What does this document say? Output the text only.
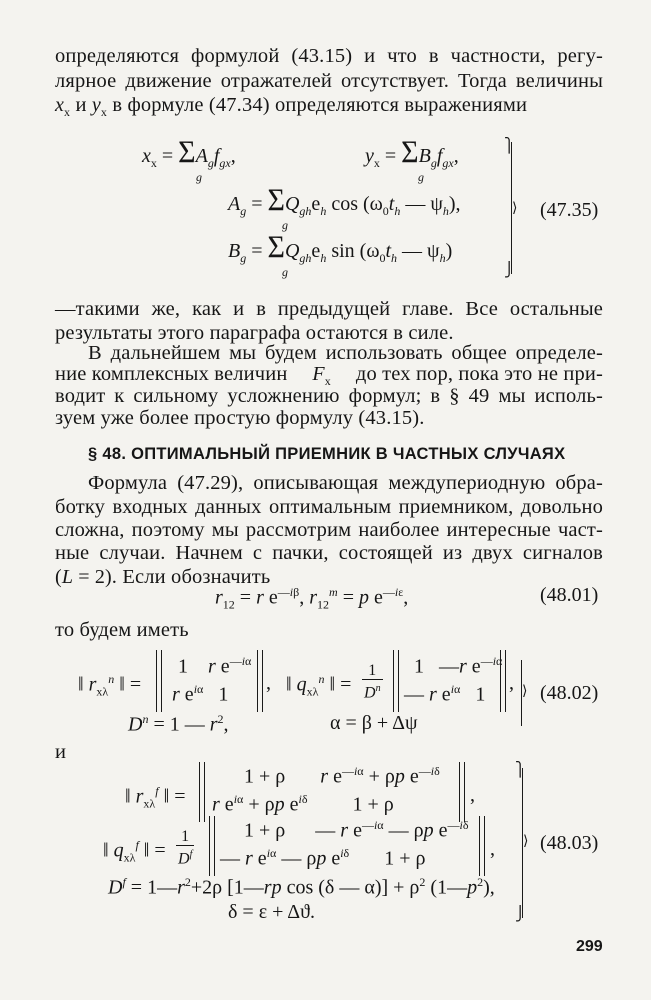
определяются формулой (43.15) и что в частности, регу-
лярное движение отражателей отсутствует. Тогда величины
$x_x$ и $y_x$ в формуле (47.34) определяются выражениями
$x_x = \Sigma A_gf_{gx}$,
g
$y_x = \Sigma B_gf_{gx}$,
g
$A_g = \Sigma Q_{gh}e_h$ $\cos (\omega_0t_h$ — $\psi_h$),
g
$B_g = \Sigma Q_{gh}e_h$ $\sin (\omega_0t_h$ — $\psi_h$)
g
⎫
⎭
⟩ (47.35)
—такими же, как и в предыдущей главе. Все остальные
результаты этого параграфа остаются в силе.
В дальнейшем мы будем использовать общее определе-
ние комплексных величин $F_x$ до тех пор, пока это не при-
водит к сильному усложнению формул; в § 49 мы исполь-
зуем уже более простую формулу (43.15).
§ 48. ОПТИМАЛЬНЫЙ ПРИЕМНИК В ЧАСТНЫХ СЛУЧАЯХ
Формула (47.29), описывающая междупериодную обра-
ботку входных данных оптимальным приемником, довольно
сложна, поэтому мы рассмотрим наиболее интересные част-
ные случаи. Начнем с пачки, состоящей из двух сигналов
(L = 2). Если обозначить
$r_{12} = r$ $e^{—i\beta}$, $r_{12}^m = p$ $e^{—i\varepsilon}$,	(48.01)
то будем иметь
‖ $r_{x\lambda}^n$ ‖ =
1    r $e^{—i\alpha}$
r $e^{i\alpha}$   1
, ‖ $q_{x\lambda}^n$ ‖ = $\frac{1}{D^n} 1$   —r $e^{—i\alpha}$
— r $e^{i\alpha}$   1
, ⟩ (48.02)
$D^n = 1$ — $r^2$,	α = β + Δψ
и
‖ $r_{x\lambda}^f$ ‖ =
1 + ρ       r $e^{—i\alpha} + \rho p$ $e^{—i\delta}$
r $e^{i\alpha} + \rho p$ $e^{i\delta}$         1 + ρ	,
‖ $q_{x\lambda}^f$ ‖ = $\frac{1}{D^f} 1 + \rho$      — r $e^{—i\alpha}$ — ρp $e^{—i\delta}$
— r $e^{i\alpha}$ — ρp $e^{i\delta}$       1 + ρ	,
$D^f$ = $1—r^2+2\rho$ [1—rp cos (δ — $\alpha)] + \rho^2$ $(1—p^2)$,
δ = ε + Δϑ.
⎫
⎭
⟩ (48.03)
299
